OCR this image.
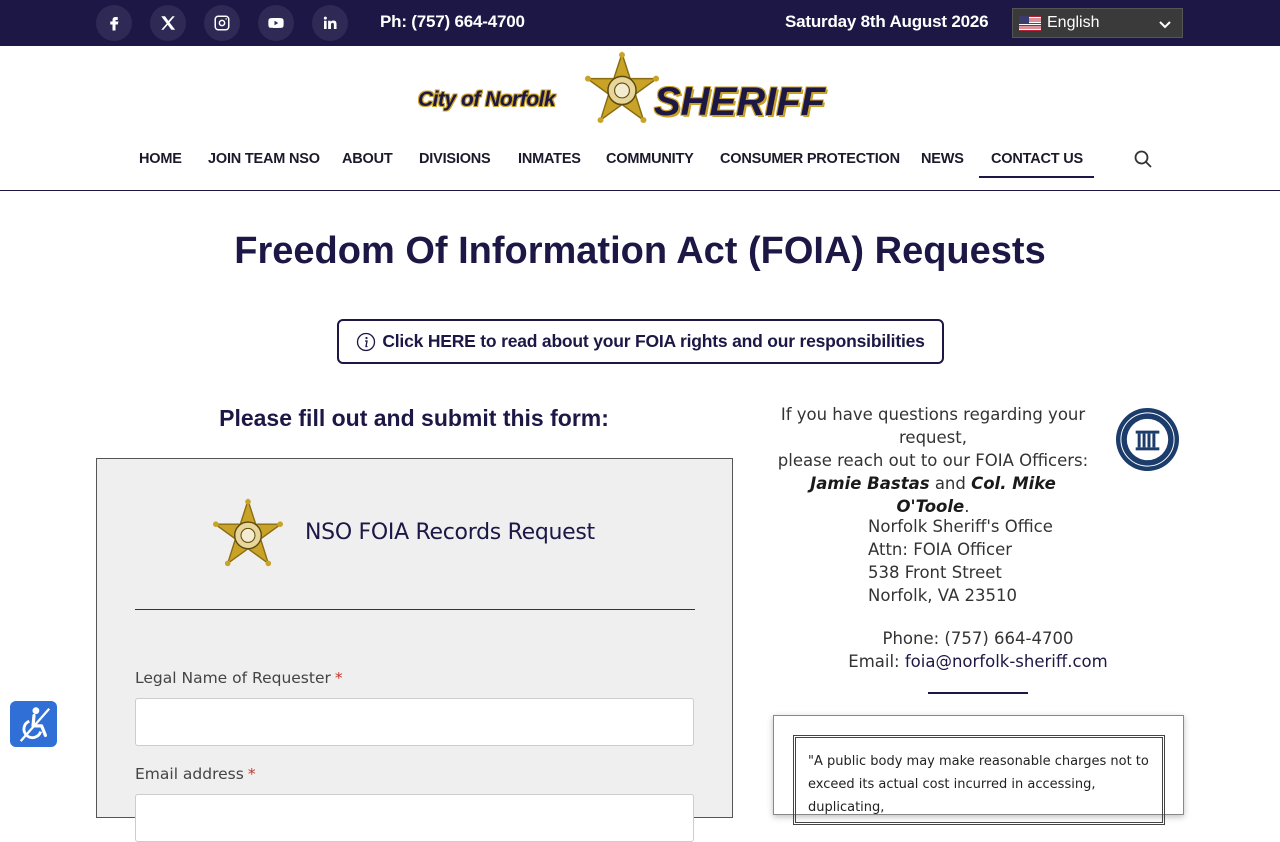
Ph: (757) 664-4700	Saturday 8th August 2026	English
City of Norfolk SHERIFF
HOME JOIN TEAM NSO ABOUT DIVISIONS INMATES COMMUNITY CONSUMER PROTECTION NEWS CONTACT US
Freedom Of Information Act (FOIA) Requests
Click HERE to read about your FOIA rights and our responsibilities
Please fill out and submit this form:
NSO FOIA Records Request
Legal Name of Requester *
Email address *
If you have questions regarding your request,
please reach out to our FOIA Officers:
Jamie Bastas and Col. Mike O'Toole.
Norfolk Sheriff's Office
Attn: FOIA Officer
538 Front Street
Norfolk, VA 23510
Phone: (757) 664-4700
Email: foia@norfolk-sheriff.com
"A public body may make reasonable charges not to exceed its actual cost incurred in accessing, duplicating,
